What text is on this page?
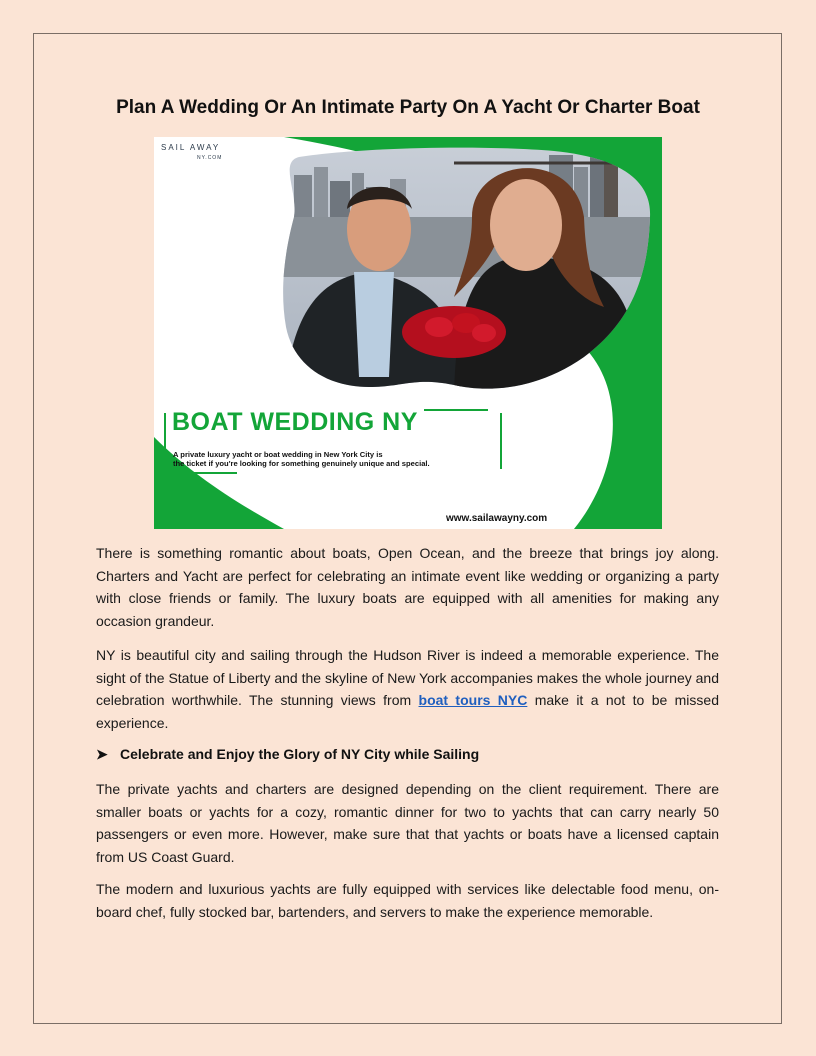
Plan A Wedding Or An Intimate Party On A Yacht Or Charter Boat
SAIL AWAY
NY.COM
BOAT WEDDING NY
A private luxury yacht or boat wedding in New York City is
the ticket if you're looking for something genuinely unique and special.
www.sailawayny.com

There is something romantic about boats, Open Ocean, and the breeze that brings joy along. Charters and Yacht are perfect for celebrating an intimate event like wedding or organizing a party with close friends or family. The luxury boats are equipped with all amenities for making any occasion grandeur.

NY is beautiful city and sailing through the Hudson River is indeed a memorable experience. The sight of the Statue of Liberty and the skyline of New York accompanies makes the whole journey and celebration worthwhile. The stunning views from boat tours NYC make it a not to be missed experience.

➤ Celebrate and Enjoy the Glory of NY City while Sailing

The private yachts and charters are designed depending on the client requirement. There are smaller boats or yachts for a cozy, romantic dinner for two to yachts that can carry nearly 50 passengers or even more. However, make sure that that yachts or boats have a licensed captain from US Coast Guard.

The modern and luxurious yachts are fully equipped with services like delectable food menu, on-board chef, fully stocked bar, bartenders, and servers to make the experience memorable.
